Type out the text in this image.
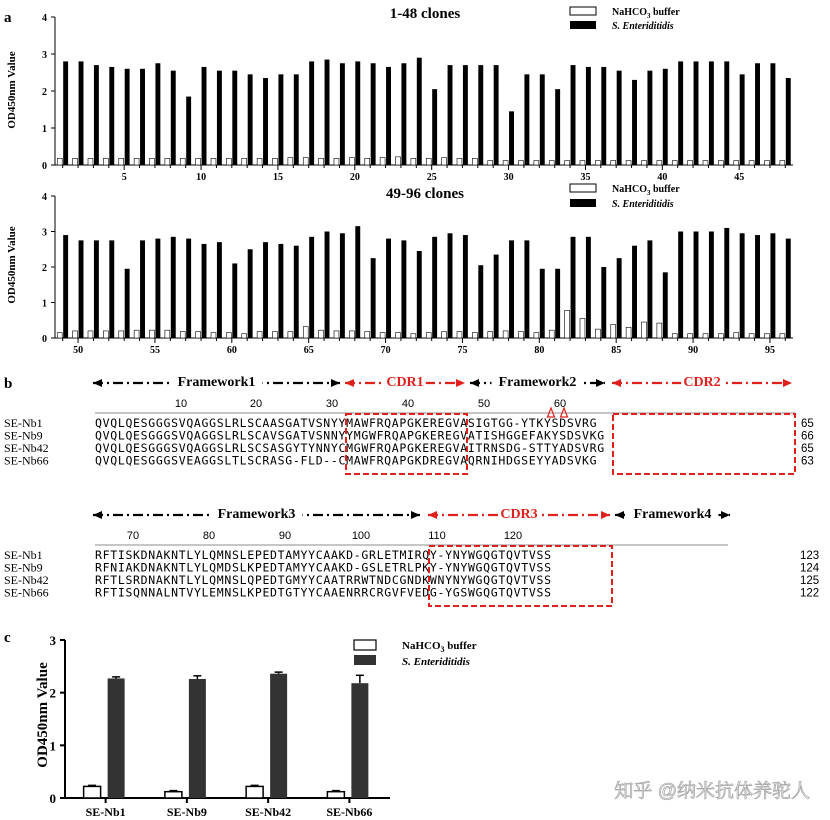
a
b
c
1-48 clones
OD450nm Value
0
1
2
3
4
5	10	15	20	25	30	35	40	45
49-96 clones
OD450nm Value
0
1
2
3
4
50	55	60	65	70	75	80	85	90	95
NaHCO$_3$ buffer
S. Enteriditidis
NaHCO$_3$ buffer
S. Enteriditidis
Framework1	CDR1	Framework2	CDR2
10	20	30	40	50	60
SE-Nb1	QVQLQESGGGSVQAGGSLRLSCAASGATVSNYYMAWFRQAPGKEREGVASIGTGG-YTKYSDSVRG	65
SE-Nb9	QVQLQESGGGSVQAGGSLRLSCAVSGATVSNNYYMGWFRQAPGKEREGVATISHGGEFAKYSDSVKG	66
SE-Nb42	QVQLQESGGGSVQAGGSLRLSCSASGYTYNNYCMGWFRQAPGKEREGVAITRNSDG-STTYADSVRG	65
SE-Nb66	QVQLQESGGGSVEAGGSLTLSCRASG-FLD--CMAWFRQAPGKDREGVAQRNIHDGSEYYADSVKG	63
Framework3	CDR3	Framework4
70	80	90	100	110	120
SE-Nb1	RFTISKDNAKNTLYLQMNSLEPEDTAMYYCAAKD-GRLETMIRQY-YNYWGQGTQVTVSS	123
SE-Nb9	RFNIAKDNAKNTLYLQMDSLKPEDTAMYYCAAKD-GSLETRLPKY-YNYWGQGTQVTVSS	124
SE-Nb42	RFTLSRDNAKNTLYLQMNSLQPEDTGMYYCAATRRWTNDCGNDKWNYNYWGQGTQVTVSS	125
SE-Nb66	RFTISQNNALNTVYLEMNSLKPEDTGTYYCAAENRRCRGVFVEDG-YGSWGQGTQVTVSS	122
OD450nm Value
0
1
2
3
SE-Nb1	SE-Nb9	SE-Nb42	SE-Nb66
NaHCO$_3$ buffer
S. Enteriditidis
知乎 @纳米抗体养驼人
